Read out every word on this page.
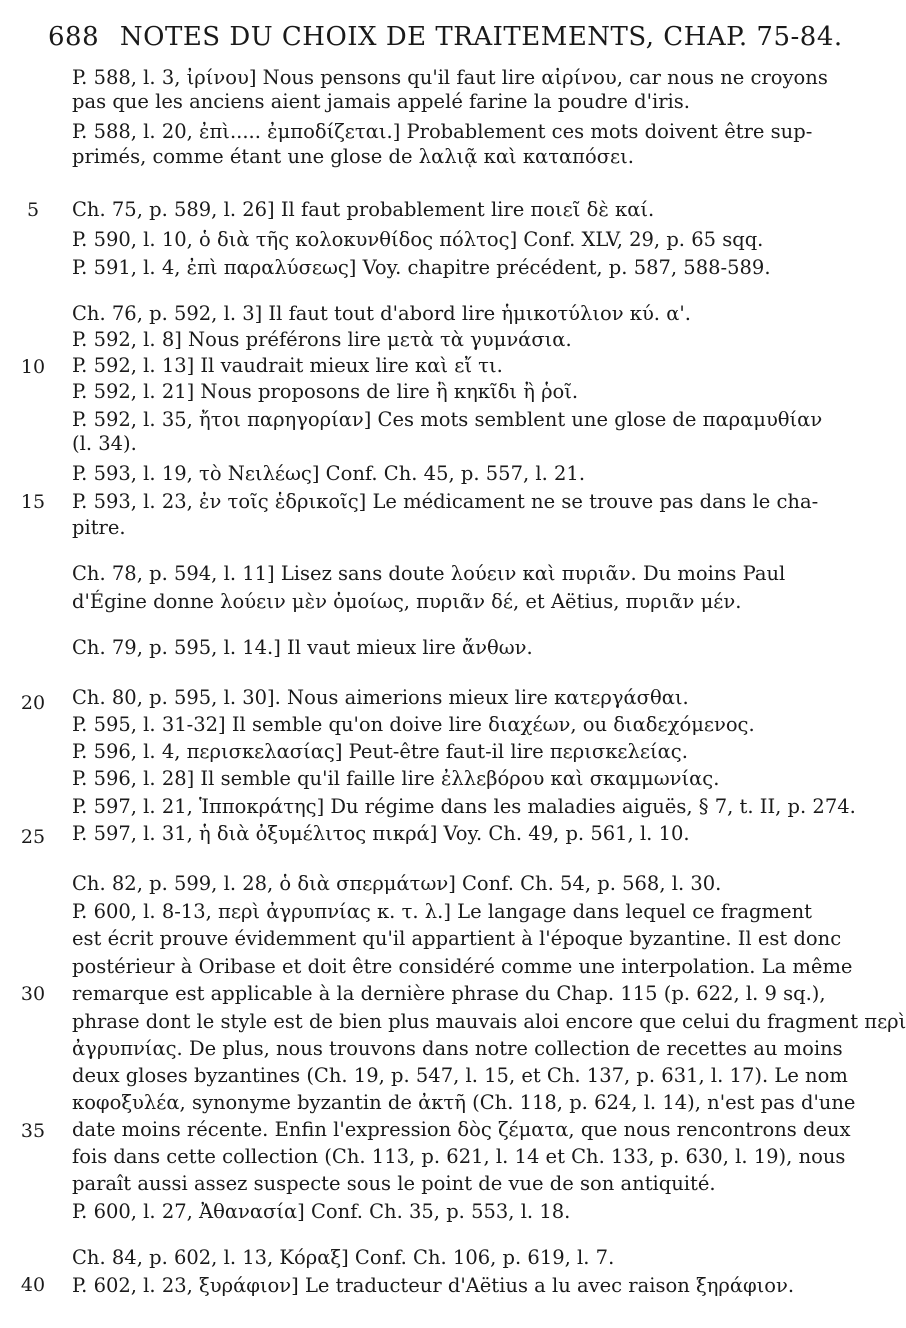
688 NOTES DU CHOIX DE TRAITEMENTS, CHAP. 75-84.
P. 588, l. 3, ἰρίνου] Nous pensons qu'il faut lire αἰρίνου, car nous ne croyons
pas que les anciens aient jamais appelé farine la poudre d'iris.
P. 588, l. 20, ἐπὶ..... ἐμποδίζεται.] Probablement ces mots doivent être sup-
primés, comme étant une glose de λαλιᾷ καὶ καταπόσει.
Ch. 75, p. 589, l. 26] Il faut probablement lire ποιεῖ δὲ καί.
P. 590, l. 10, ὁ διὰ τῆς κολοκυνθίδος πόλτος] Conf. XLV, 29, p. 65 sqq.
P. 591, l. 4, ἐπὶ παραλύσεως] Voy. chapitre précédent, p. 587, 588-589.
Ch. 76, p. 592, l. 3] Il faut tout d'abord lire ἡμικοτύλιον κύ. α'.
P. 592, l. 8] Nous préférons lire μετὰ τὰ γυμνάσια.
P. 592, l. 13] Il vaudrait mieux lire καὶ εἴ τι.
P. 592, l. 21] Nous proposons de lire ἢ κηκῖδι ἢ ῥοῖ.
P. 592, l. 35, ἤτοι παρηγορίαν] Ces mots semblent une glose de παραμυθίαν
(l. 34).
P. 593, l. 19, τὸ Νειλέως] Conf. Ch. 45, p. 557, l. 21.
P. 593, l. 23, ἐν τοῖς ἑδρικοῖς] Le médicament ne se trouve pas dans le cha-
pitre.
Ch. 78, p. 594, l. 11] Lisez sans doute λούειν καὶ πυριᾶν. Du moins Paul
d'Égine donne λούειν μὲν ὁμοίως, πυριᾶν δέ, et Aëtius, πυριᾶν μέν.
Ch. 79, p. 595, l. 14.] Il vaut mieux lire ἄνθων.
Ch. 80, p. 595, l. 30]. Nous aimerions mieux lire κατεργάσθαι.
P. 595, l. 31-32] Il semble qu'on doive lire διαχέων, ou διαδεχόμενος.
P. 596, l. 4, περισκελασίας] Peut-être faut-il lire περισκελείας.
P. 596, l. 28] Il semble qu'il faille lire ἐλλεβόρου καὶ σκαμμωνίας.
P. 597, l. 21, Ἱπποκράτης] Du régime dans les maladies aiguës, § 7, t. II, p. 274.
P. 597, l. 31, ἡ διὰ ὀξυμέλιτος πικρά] Voy. Ch. 49, p. 561, l. 10.
Ch. 82, p. 599, l. 28, ὁ διὰ σπερμάτων] Conf. Ch. 54, p. 568, l. 30.
P. 600, l. 8-13, περὶ ἀγρυπνίας κ. τ. λ.] Le langage dans lequel ce fragment
est écrit prouve évidemment qu'il appartient à l'époque byzantine. Il est donc
postérieur à Oribase et doit être considéré comme une interpolation. La même
remarque est applicable à la dernière phrase du Chap. 115 (p. 622, l. 9 sq.),
phrase dont le style est de bien plus mauvais aloi encore que celui du fragment περὶ
ἀγρυπνίας. De plus, nous trouvons dans notre collection de recettes au moins
deux gloses byzantines (Ch. 19, p. 547, l. 15, et Ch. 137, p. 631, l. 17). Le nom
κοφοξυλέα, synonyme byzantin de ἀκτῆ (Ch. 118, p. 624, l. 14), n'est pas d'une
date moins récente. Enfin l'expression δὸς ζέματα, que nous rencontrons deux
fois dans cette collection (Ch. 113, p. 621, l. 14 et Ch. 133, p. 630, l. 19), nous
paraît aussi assez suspecte sous le point de vue de son antiquité.
P. 600, l. 27, Ἀθανασία] Conf. Ch. 35, p. 553, l. 18.
Ch. 84, p. 602, l. 13, Κόραξ] Conf. Ch. 106, p. 619, l. 7.
P. 602, l. 23, ξυράφιον] Le traducteur d'Aëtius a lu avec raison ξηράφιον.
5
10
15
20
25
30
35
40
